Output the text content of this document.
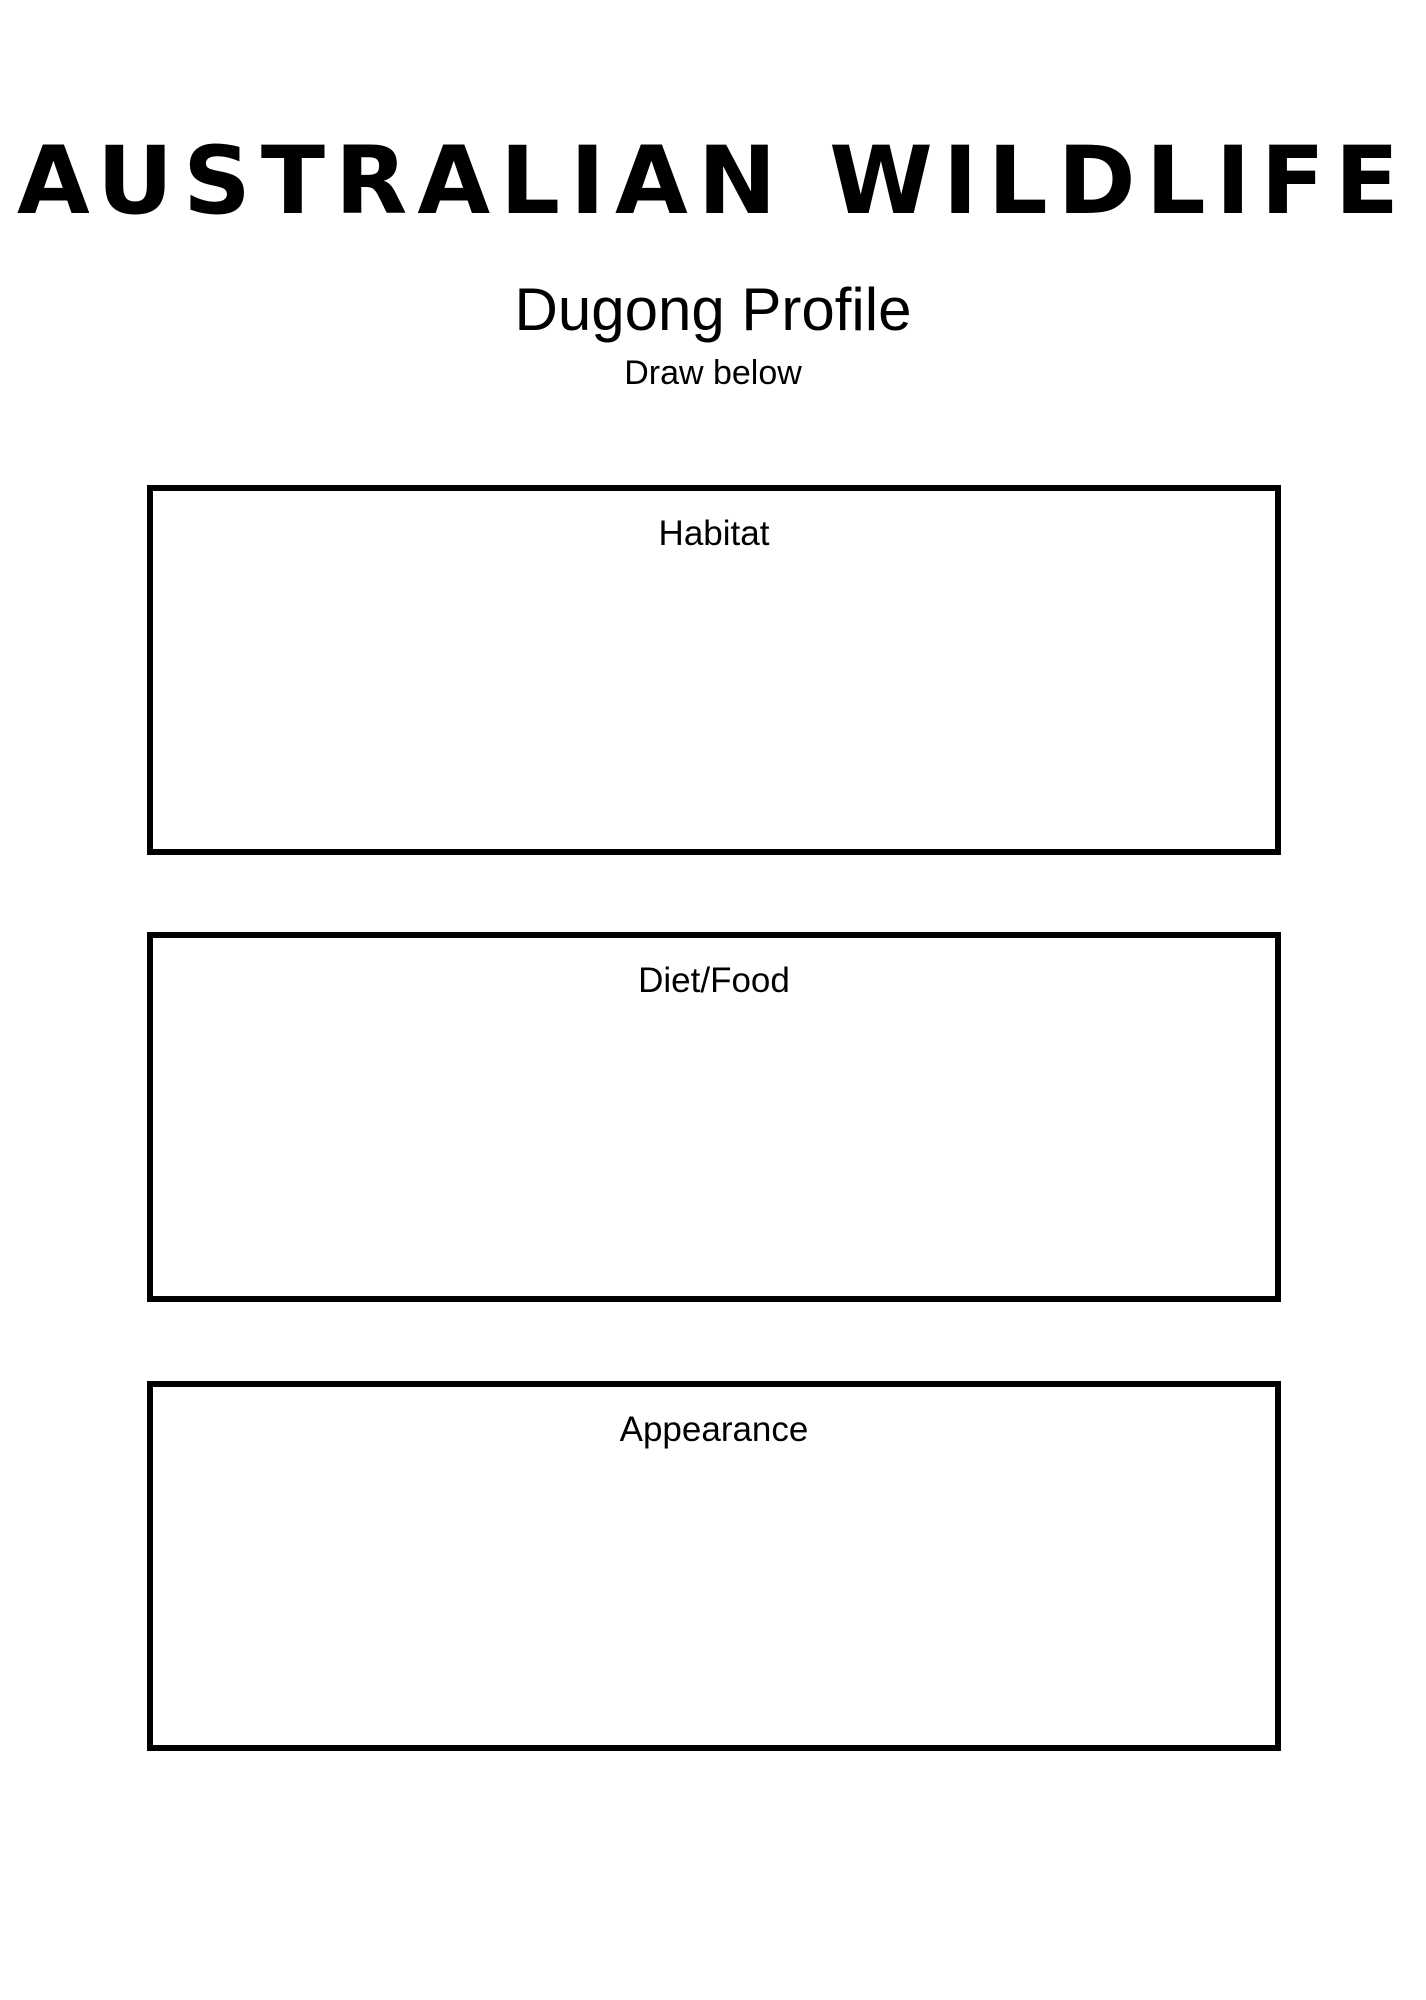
AUSTRALIAN WILDLIFE
Dugong Profile
Draw below
Habitat
Diet/Food
Appearance
